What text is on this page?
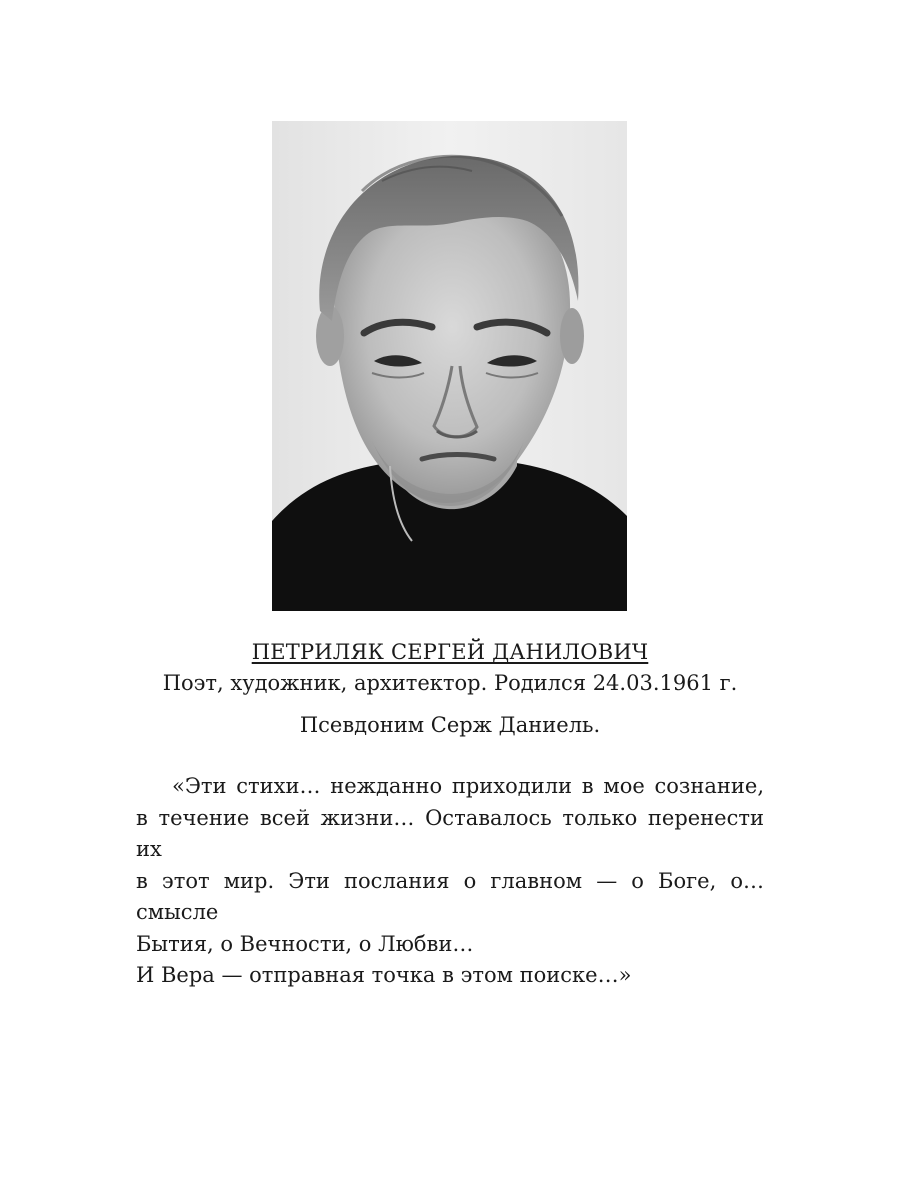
ПЕТРИЛЯК СЕРГЕЙ ДАНИЛОВИЧ
Поэт, художник, архитектор. Родился 24.03.1961 г.
Псевдоним Серж Даниель.
«Эти стихи… нежданно приходили в мое сознание,
в течение всей жизни… Оставалось только перенести их
в этот мир. Эти послания о главном — о Боге, о… смысле
Бытия, о Вечности, о Любви…
И Вера — отправная точка в этом поиске…»
